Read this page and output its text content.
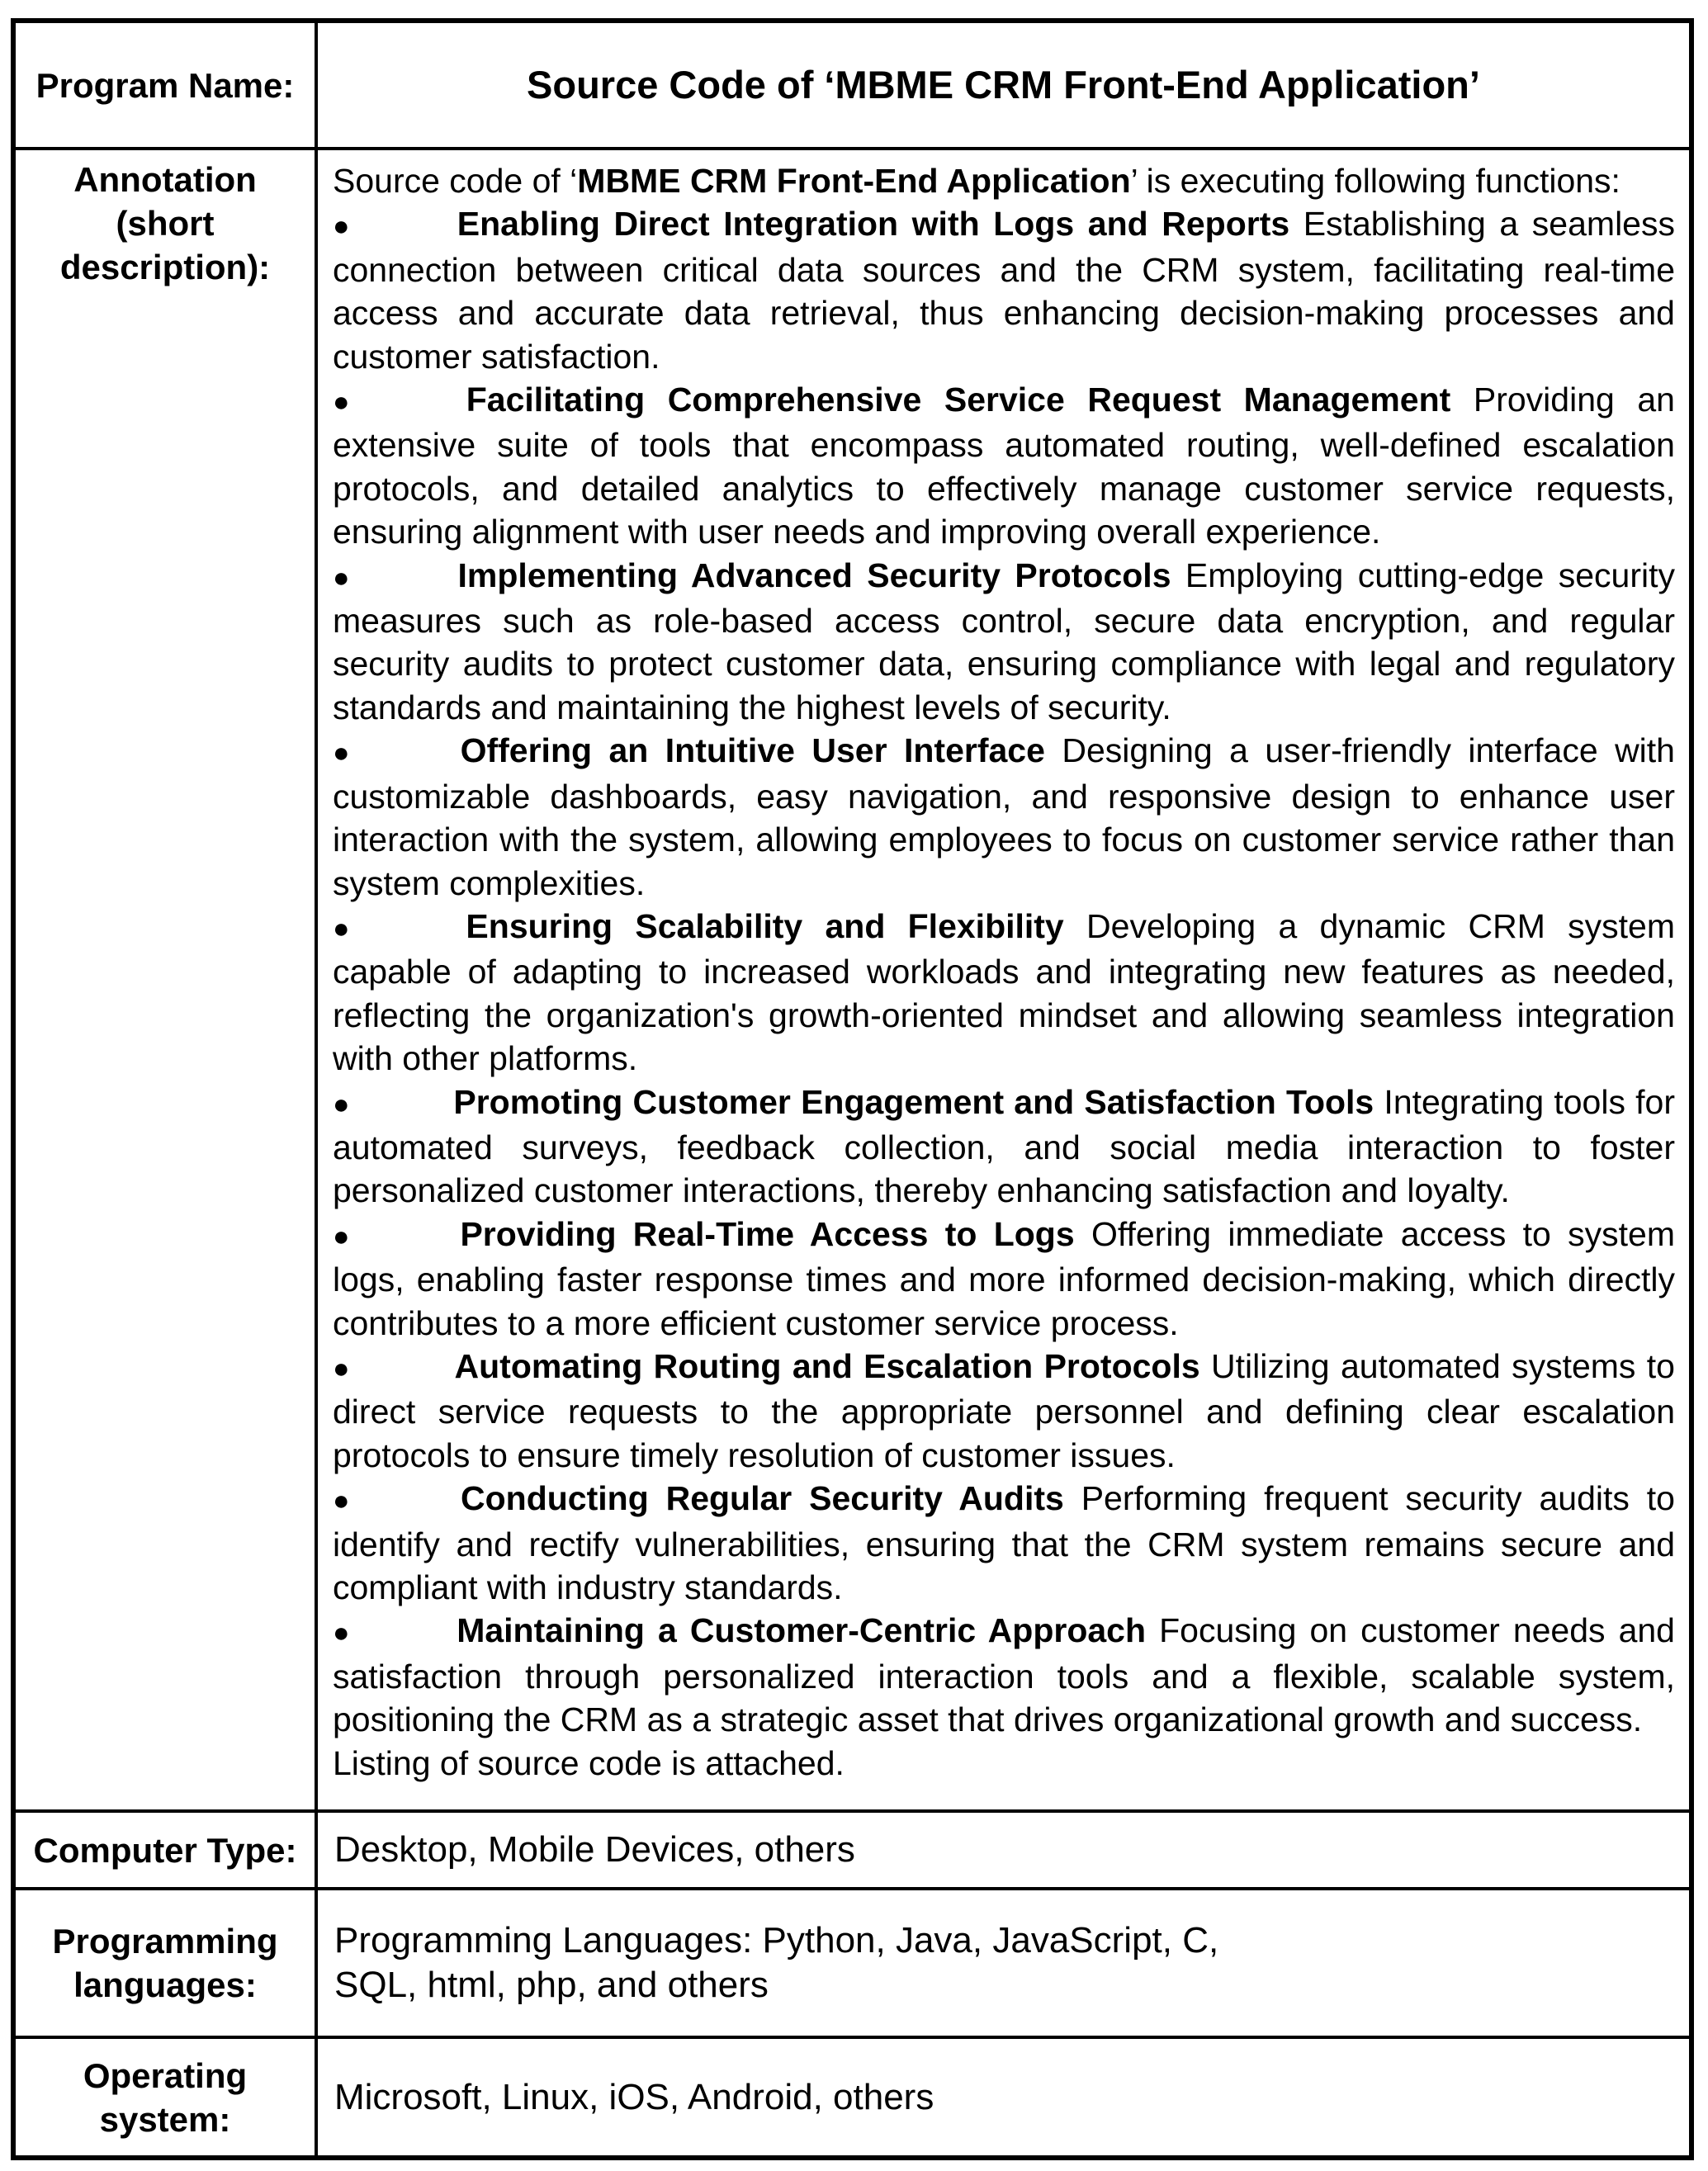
Program Name:	Source Code of ‘MBME CRM Front-End Application’
Annotation (short description):

Source code of ‘MBME CRM Front-End Application’ is executing following functions:

●	Enabling Direct Integration with Logs and Reports Establishing a seamless connection between critical data sources and the CRM system, facilitating real-time access and accurate data retrieval, thus enhancing decision-making processes and customer satisfaction.

●	Facilitating Comprehensive Service Request Management Providing an extensive suite of tools that encompass automated routing, well-defined escalation protocols, and detailed analytics to effectively manage customer service requests, ensuring alignment with user needs and improving overall experience.

●	Implementing Advanced Security Protocols Employing cutting-edge security measures such as role-based access control, secure data encryption, and regular security audits to protect customer data, ensuring compliance with legal and regulatory standards and maintaining the highest levels of security.

●	Offering an Intuitive User Interface Designing a user-friendly interface with customizable dashboards, easy navigation, and responsive design to enhance user interaction with the system, allowing employees to focus on customer service rather than system complexities.

●	Ensuring Scalability and Flexibility Developing a dynamic CRM system capable of adapting to increased workloads and integrating new features as needed, reflecting the organization's growth-oriented mindset and allowing seamless integration with other platforms.

●	Promoting Customer Engagement and Satisfaction Tools Integrating tools for automated surveys, feedback collection, and social media interaction to foster personalized customer interactions, thereby enhancing satisfaction and loyalty.

●	Providing Real-Time Access to Logs Offering immediate access to system logs, enabling faster response times and more informed decision-making, which directly contributes to a more efficient customer service process.

●	Automating Routing and Escalation Protocols Utilizing automated systems to direct service requests to the appropriate personnel and defining clear escalation protocols to ensure timely resolution of customer issues.

●	Conducting Regular Security Audits Performing frequent security audits to identify and rectify vulnerabilities, ensuring that the CRM system remains secure and compliant with industry standards.

●	Maintaining a Customer-Centric Approach Focusing on customer needs and satisfaction through personalized interaction tools and a flexible, scalable system, positioning the CRM as a strategic asset that drives organizational growth and success.

Listing of source code is attached.

Computer Type: Desktop, Mobile Devices, others
Programming languages:
Programming Languages: Python, Java, JavaScript, C,
SQL, html, php, and others
Operating system:
Microsoft, Linux, iOS, Android, others
